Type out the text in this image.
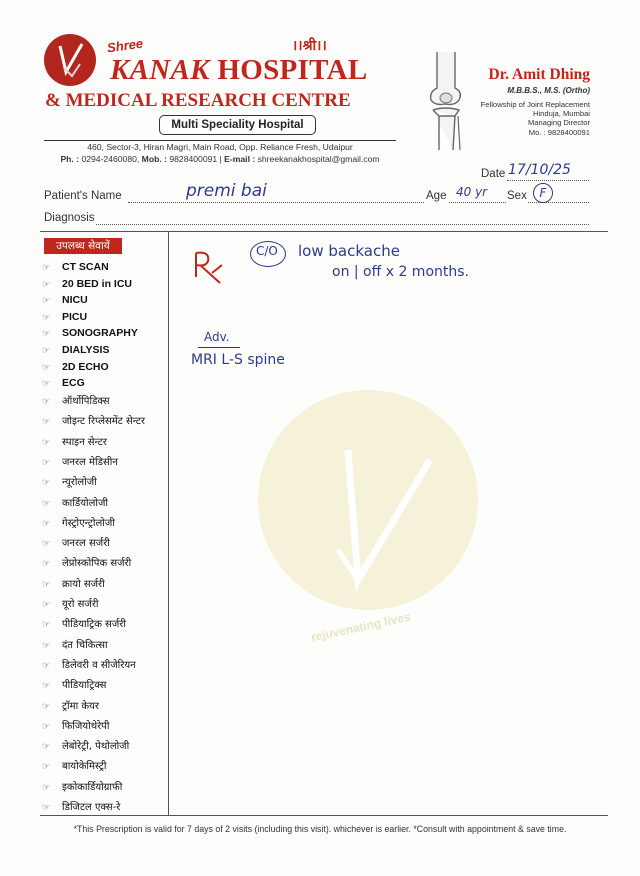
Shree	।।श्री।।
KANAK HOSPITAL
& MEDICAL RESEARCH CENTRE
Multi Speciality Hospital
460, Sector-3, Hiran Magri, Main Road, Opp. Reliance Fresh, Udaipur
Ph. : 0294-2460080, Mob. : 9828400091 | E-mail : shreekanakhospital@gmail.com
Dr. Amit Dhing
M.B.B.S., M.S. (Ortho)
Fellowship of Joint Replacement
Hinduja, Mumbai
Managing Director
Mo. : 9828400091
Date 17/10/25
Patient's Name	premi bai	Age 40 yr Sex	F
Diagnosis
उपलब्ध सेवायें
☞ CT SCAN
☞ 20 BED in ICU
☞ NICU
☞ PICU
☞ SONOGRAPHY
☞ DIALYSIS
☞ 2D ECHO
☞ ECG
☞ ऑर्थोपिडिक्स
☞ जोइन्ट रिप्लेसमेंट सेन्टर
☞ स्पाइन सेन्टर
☞ जनरल मेडिसीन
☞ न्यूरोलोजी
☞ कार्डियोलोजी
☞ गेस्ट्रोएन्ट्रोलोजी
☞ जनरल सर्जरी
☞ लेप्रोस्कोपिक सर्जरी
☞ क्रायो सर्जरी
☞ यूरो सर्जरी
☞ पीडियाट्रिक सर्जरी
☞ दंत चिकित्सा
☞ डिलेवरी व सीजेरियन
☞ पीडियाट्रिक्स
☞ ट्रॉमा केयर
☞ फिजियोथेरेपी
☞ लेबोरेट्री, पेथोलोजी
☞ बायोकेमिस्ट्री
☞ इकोकार्डियोग्राफी
☞ डिजिटल एक्स-रे
rejuvenating lives
C/O low backache
on | off x 2 months.
Adv.
MRI L-S spine
*This Prescription is valid for 7 days of 2 visits (including this visit). whichever is earlier. *Consult with appointment & save time.
